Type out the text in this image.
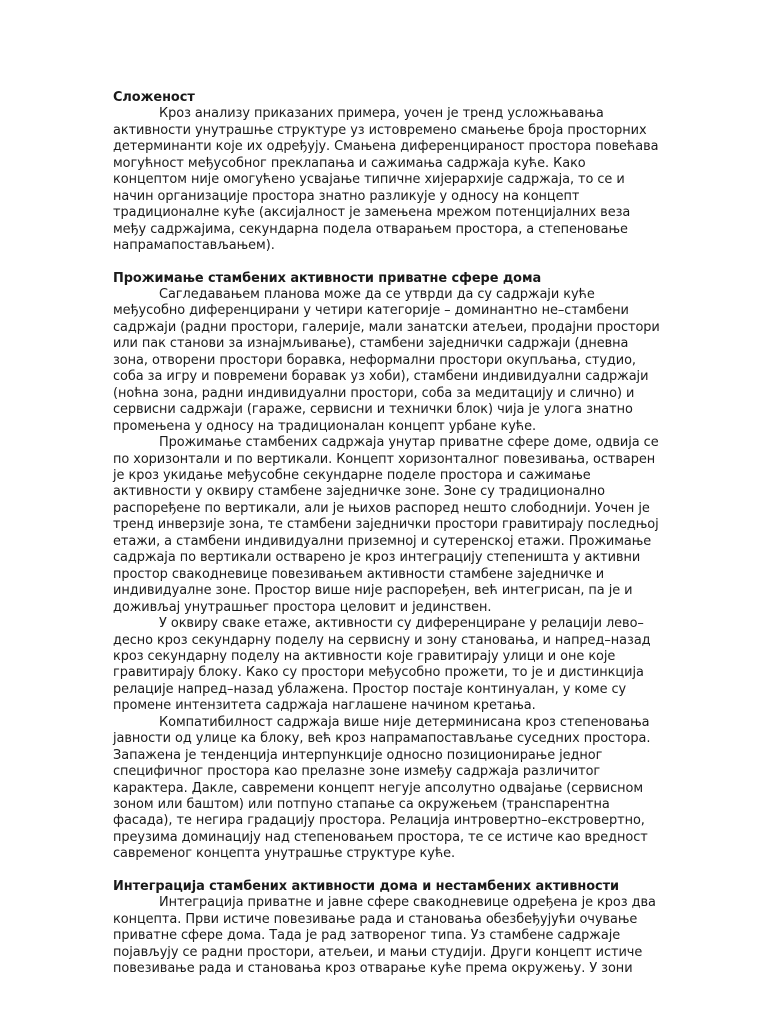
Сложеност

Кроз анализу приказаних примера, уочен је тренд усложњавања активности унутрашње структуре уз истовремено смањење броја просторних детерминанти које их одређују. Смањена диференцираност простора повећава могућност међусобног преклапања и сажимања садржаја куће. Како концептом није омогућено усвајање типичне хијерархије садржаја, то се и начин организације простора знатно разликује у односу на концепт традиционалне куће (аксијалност је замењена мрежом потенцијалних веза међу садржајима, секундарна подела отварањем простора, а степеновање напрамапостављањем).

Прожимање стамбених активности приватне сфере дома

Сагледавањем планова може да се утврди да су садржаји куће међусобно диференцирани у четири категорије – доминантно не–стамбени садржаји (радни простори, галерије, мали занатски атељеи, продајни простори или пак станови за изнајмљивање), стамбени заједнички садржаји (дневна зона, отворени простори боравка, неформални простори окупљања, студио, соба за игру и повремени боравак уз хоби), стамбени индивидуални садржаји (ноћна зона, радни индивидуални простори, соба за медитацију и слично) и сервисни садржаји (гараже, сервисни и технички блок) чија је улога знатно промењена у односу на традиционалан концепт урбане куће.

Прожимање стамбених садржаја унутар приватне сфере доме, одвија се по хоризонтали и по вертикали. Концепт хоризонталног повезивања, остварен је кроз укидање међусобне секундарне поделе простора и сажимање активности у оквиру стамбене заједничке зоне. Зоне су традиционално распоређене по вертикали, али је њихов распоред нешто слободнији. Уочен је тренд инверзије зона, те стамбени заједнички простори гравитирају последњој етажи, а стамбени индивидуални приземној и сутеренској етажи. Прожимање садржаја по вертикали остварено је кроз интеграцију степеништа у активни простор свакодневице повезивањем активности стамбене заједничке и индивидуалне зоне. Простор више није распоређен, већ интегрисан, па је и доживљај унутрашњег простора целовит и јединствен.

У оквиру сваке етаже, активности су диференциране у релацији лево–десно кроз секундарну поделу на сервисну и зону становања, и напред–назад кроз секундарну поделу на активности које гравитирају улици и оне које гравитирају блоку. Како су простори међусобно прожети, то је и дистинкција релације напред–назад ублажена. Простор постаје континуалан, у коме су промене интензитета садржаја наглашене начином кретања.

Компатибилност садржаја више није детерминисана кроз степеновања јавности од улице ка блоку, већ кроз напрамапостављање суседних простора. Запажена је тенденција интерпункције односно позиционирање једног специфичног простора као прелазне зоне између садржаја различитог карактера. Дакле, савремени концепт негује апсолутно одвајање (сервисном зоном или баштом) или потпуно стапање са окружењем (транспарентна фасада), те негира градацију простора. Релација интровертно–екстровертно, преузима доминацију над степеновањем простора, те се истиче као вредност савременог концепта унутрашње структуре куће.

Интеграција стамбених активности дома и нестамбених активности

Интеграција приватне и јавне сфере свакодневице одређена је кроз два концепта. Први истиче повезивање рада и становања обезбеђујући очување приватне сфере дома. Тада је рад затвореног типа. Уз стамбене садржаје појављују се радни простори, атељеи, и мањи студији. Други концепт истиче повезивање рада и становања кроз отварање куће према окружењу. У зони
